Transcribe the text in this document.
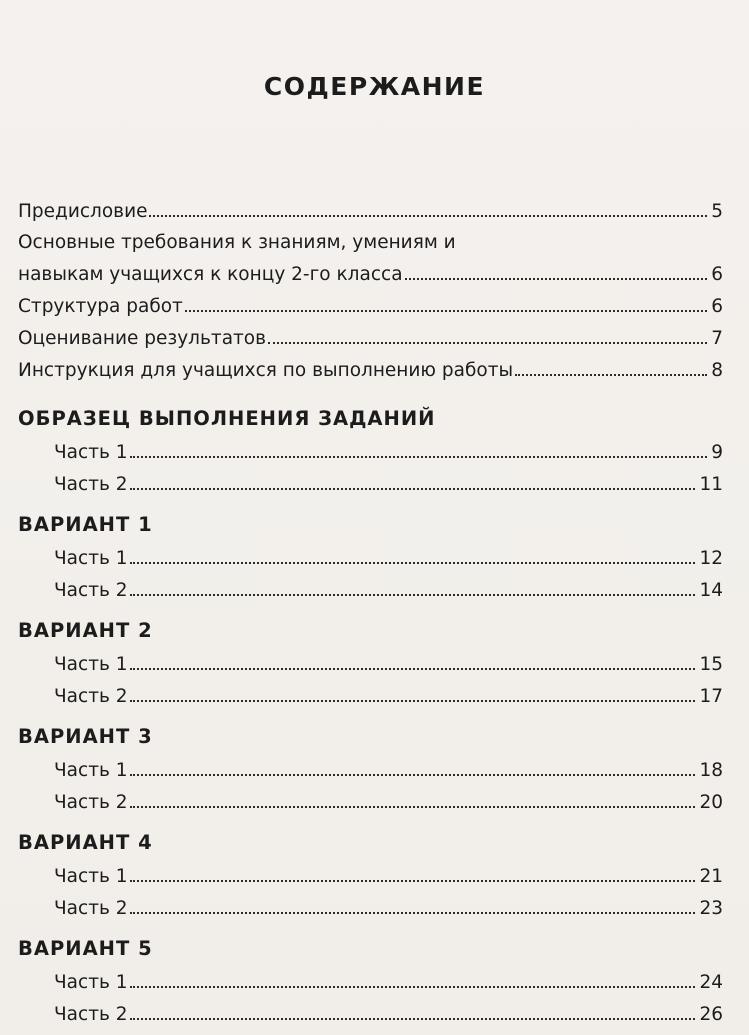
СОДЕРЖАНИЕ
Предисловие	5
Основные требования к знаниям, умениям и
навыкам учащихся к концу 2-го класса	6
Структура работ	6
Оценивание результатов	7
Инструкция для учащихся по выполнению работы	8
ОБРАЗЕЦ ВЫПОЛНЕНИЯ ЗАДАНИЙ
Часть 1	9
Часть 2	11
ВАРИАНТ 1
Часть 1	12
Часть 2	14
ВАРИАНТ 2
Часть 1	15
Часть 2	17
ВАРИАНТ 3
Часть 1	18
Часть 2	20
ВАРИАНТ 4
Часть 1	21
Часть 2	23
ВАРИАНТ 5
Часть 1	24
Часть 2	26
